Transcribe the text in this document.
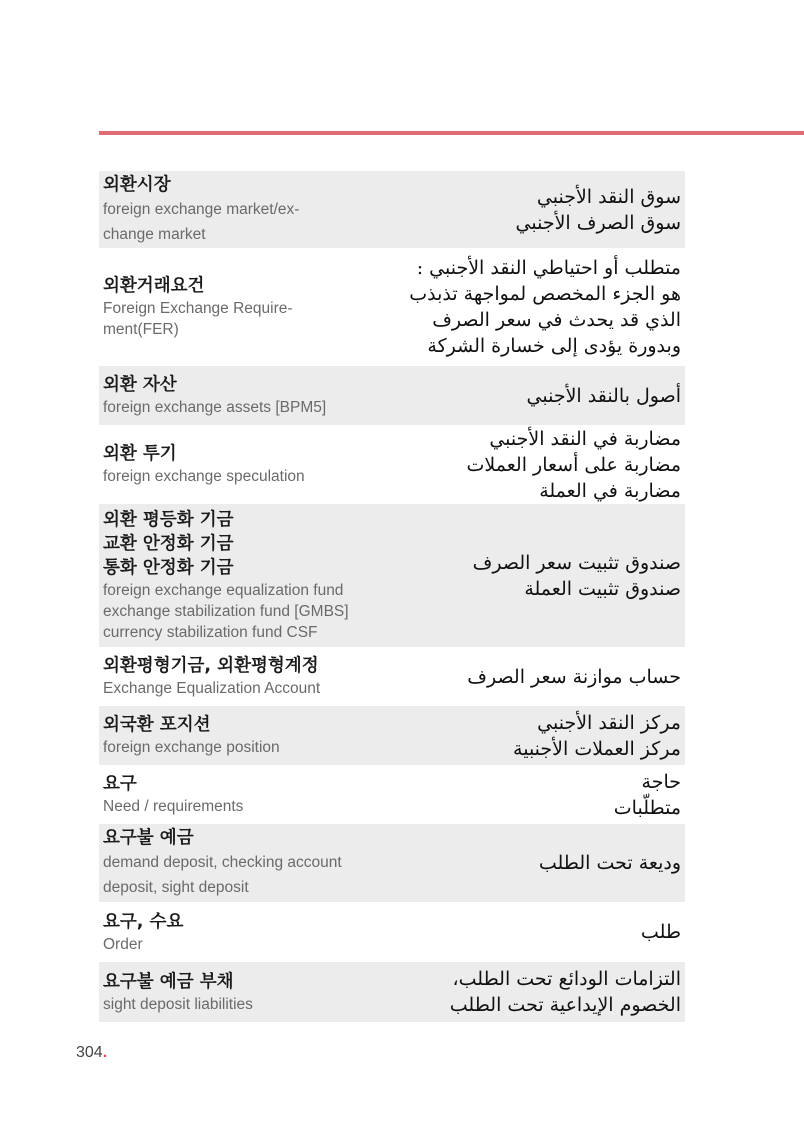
외환시장
foreign exchange market/ex-
change market
سوق النقد الأجنبي
سوق الصرف الأجنبي
외환거래요건
Foreign Exchange Require-
ment(FER)
متطلب أو احتياطي النقد الأجنبي :
هو الجزء المخصص لمواجهة تذبذب
الذي قد يحدث في سعر الصرف
وبدورة يؤدى إلى خسارة الشركة
외환 자산
foreign exchange assets [BPM5]
أصول بالنقد الأجنبي
외환 투기
foreign exchange speculation
مضاربة في النقد الأجنبي
مضاربة على أسعار العملات
مضاربة في العملة
외환 평등화 기금
교환 안정화 기금
통화 안정화 기금
foreign exchange equalization fund
exchange stabilization fund [GMBS]
currency stabilization fund CSF
صندوق تثبيت سعر الصرف
صندوق تثبيت العملة
외환평형기금, 외환평형계정
Exchange Equalization Account
حساب موازنة سعر الصرف
외국환 포지션
foreign exchange position
مركز النقد الأجنبي
مركز العملات الأجنبية
요구
Need / requirements
حاجة
متطلّبات
요구불 예금
demand deposit, checking account
deposit, sight deposit
وديعة تحت الطلب
요구, 수요
Order
طلب
요구불 예금 부채
sight deposit liabilities
التزامات الودائع تحت الطلب،
الخصوم الإيداعية تحت الطلب
304.
